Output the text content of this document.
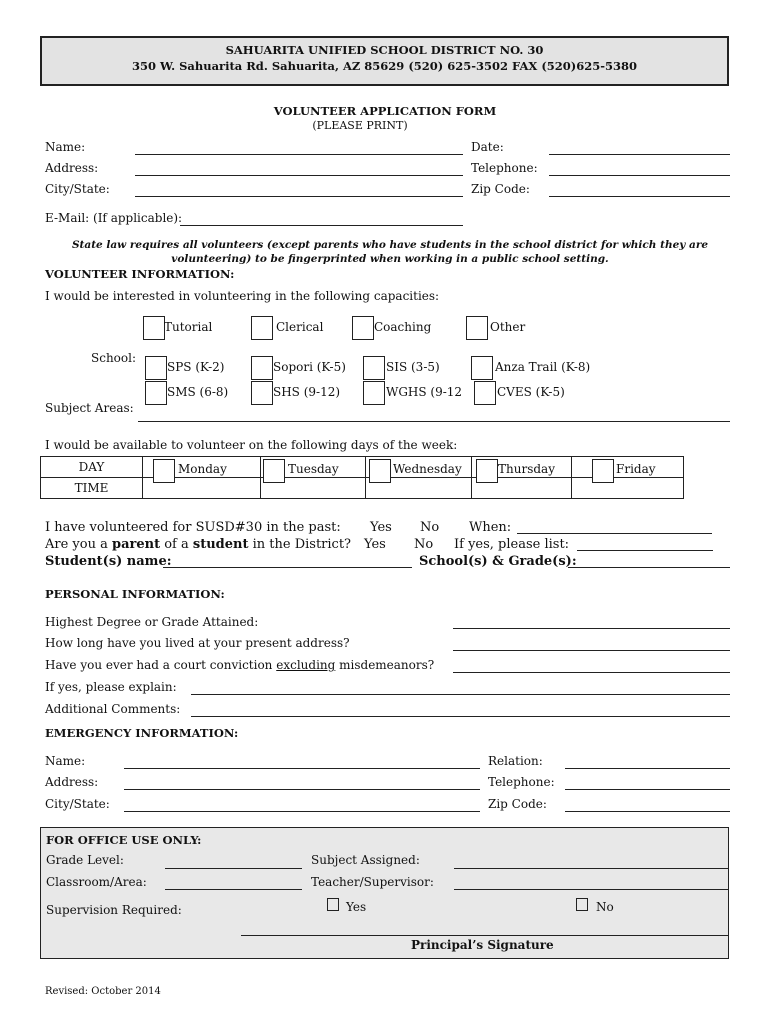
SAHUARITA UNIFIED SCHOOL DISTRICT NO. 30
350 W. Sahuarita Rd. Sahuarita, AZ 85629 (520) 625-3502 FAX (520)625-5380
VOLUNTEER APPLICATION FORM
(PLEASE PRINT)
Name:	Date:
Address:	Telephone:
City/State:	Zip Code:
E-Mail: (If applicable):
State law requires all volunteers (except parents who have students in the school district for which they are
volunteering) to be fingerprinted when working in a public school setting.
VOLUNTEER INFORMATION:
I would be interested in volunteering in the following capacities:
Tutorial	Clerical	Coaching	Other
School:
SPS (K-2)	Sopori (K-5)	SIS (3-5)	Anza Trail (K-8)
SMS (6-8)	SHS (9-12)	WGHS (9-12	CVES (K-5)
Subject Areas:
I would be available to volunteer on the following days of the week:
DAY	Monday	Tuesday	Wednesday	Thursday	Friday

TIME					
I have volunteered for SUSD#30 in the past: Yes No When:
Are you a parent of a student in the District? Yes No If yes, please list:
Student(s) name:	School(s) & Grade(s):
PERSONAL INFORMATION:
Highest Degree or Grade Attained:
How long have you lived at your present address?
Have you ever had a court conviction excluding misdemeanors?
If yes, please explain:
Additional Comments:
EMERGENCY INFORMATION:
Name:	Relation:
Address:	Telephone:
City/State:	Zip Code:
FOR OFFICE USE ONLY:
Grade Level:	Subject Assigned:
Classroom/Area:	Teacher/Supervisor:
Supervision Required:	Yes	No
Principal’s Signature
Revised: October 2014
